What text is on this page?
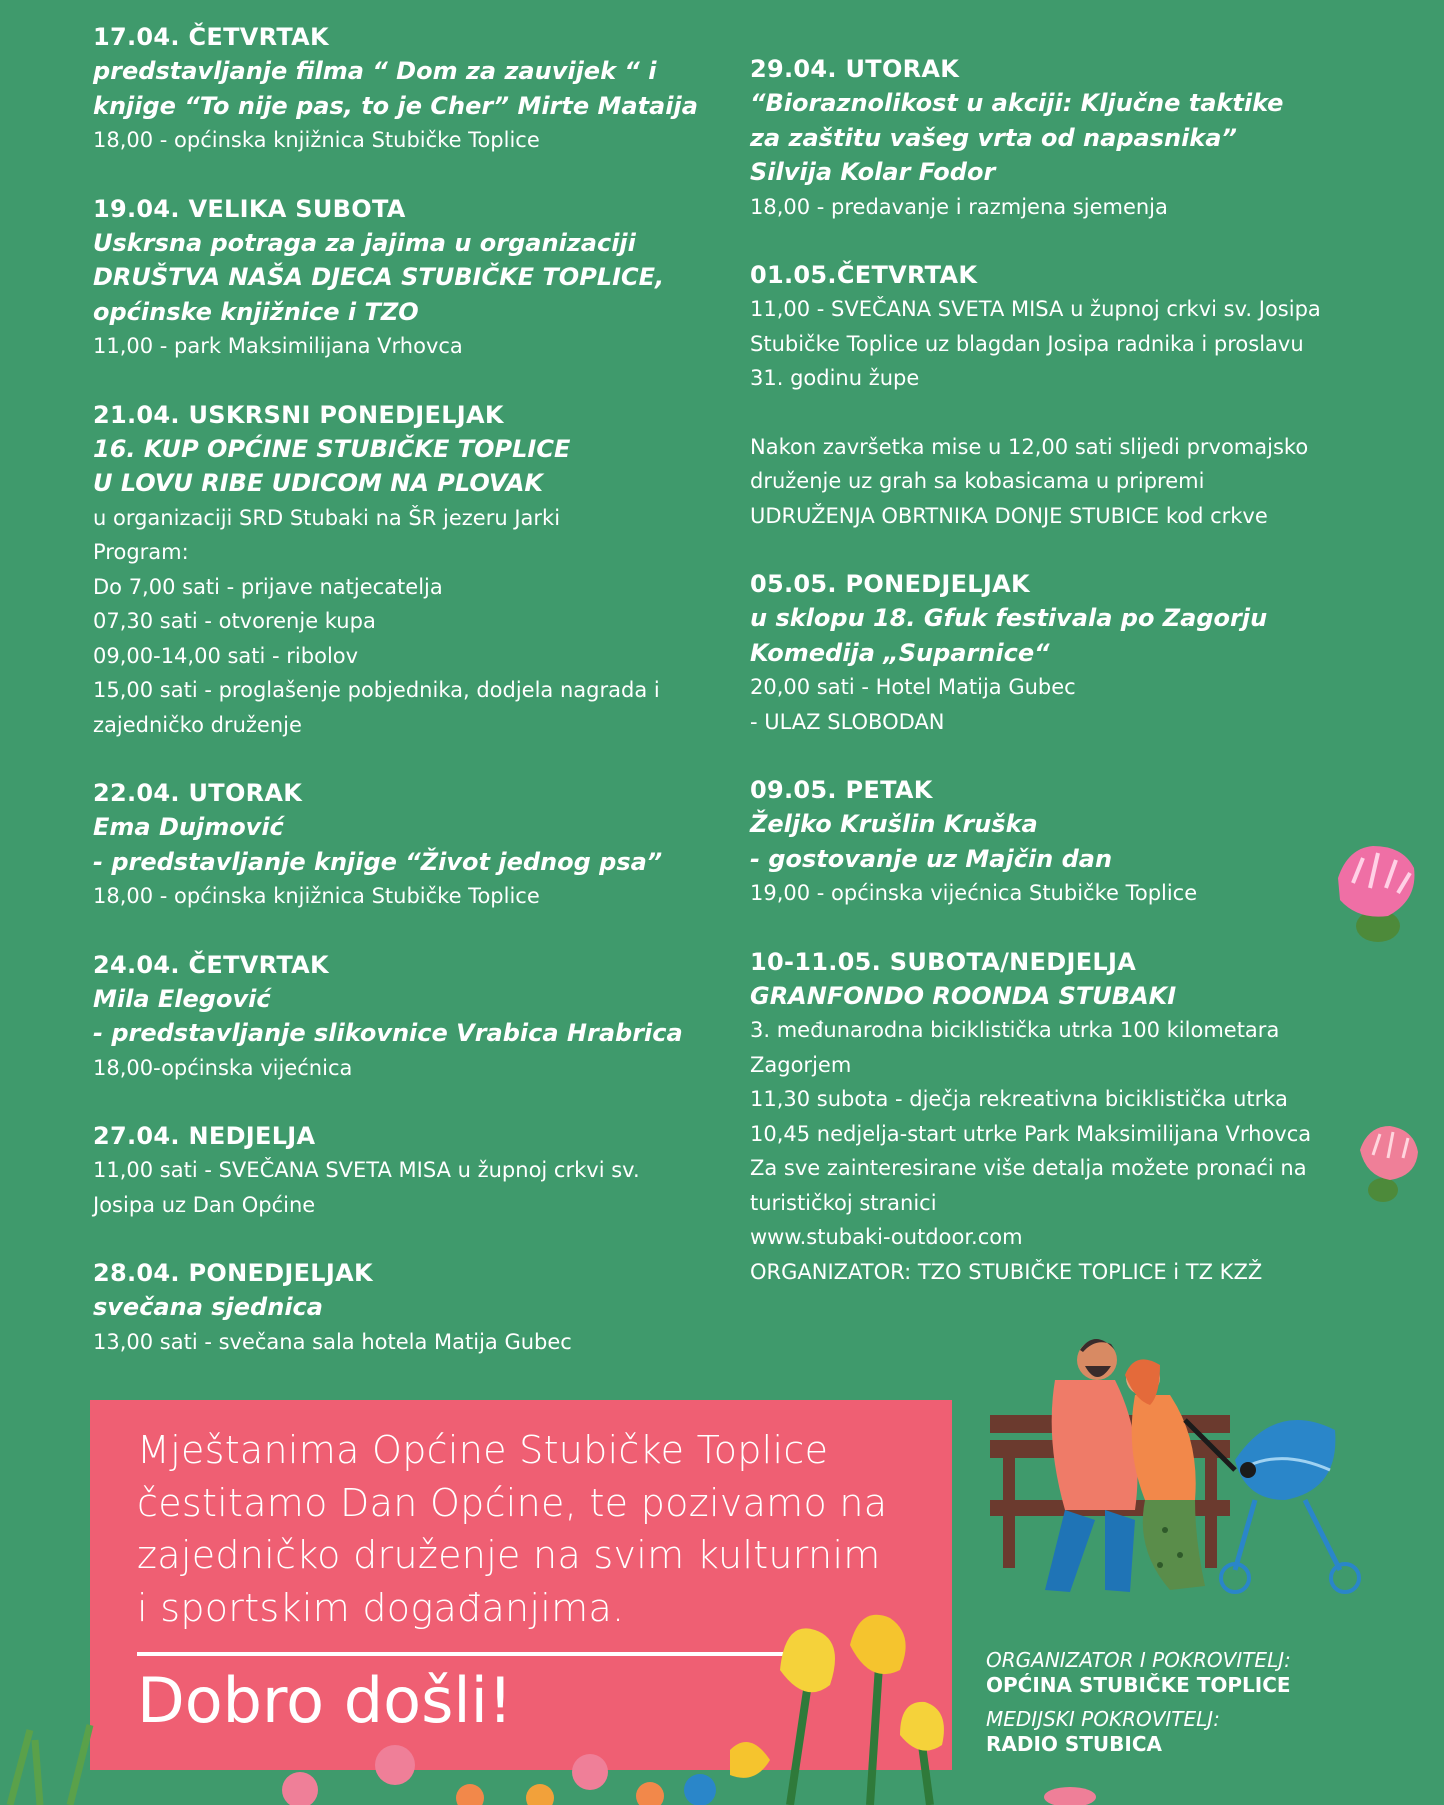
17.04. ČETVRTAK
predstavljanje filma “ Dom za zauvijek “ i
knjige “To nije pas, to je Cher” Mirte Mataija
18,00 - općinska knjižnica Stubičke Toplice
19.04. VELIKA SUBOTA
Uskrsna potraga za jajima u organizaciji
DRUŠTVA NAŠA DJECA STUBIČKE TOPLICE,
općinske knjižnice i TZO
11,00 - park Maksimilijana Vrhovca
21.04. USKRSNI PONEDJELJAK
16. KUP OPĆINE STUBIČKE TOPLICE
U LOVU RIBE UDICOM NA PLOVAK
u organizaciji SRD Stubaki na ŠR jezeru Jarki
Program:
Do 7,00 sati - prijave natjecatelja
07,30 sati - otvorenje kupa
09,00-14,00 sati - ribolov
15,00 sati - proglašenje pobjednika, dodjela nagrada i
zajedničko druženje
22.04. UTORAK
Ema Dujmović
- predstavljanje knjige “Život jednog psa”
18,00 - općinska knjižnica Stubičke Toplice
24.04. ČETVRTAK
Mila Elegović
- predstavljanje slikovnice Vrabica Hrabrica
18,00-općinska vijećnica
27.04. NEDJELJA
11,00 sati - SVEČANA SVETA MISA u župnoj crkvi sv.
Josipa uz Dan Općine
28.04. PONEDJELJAK
svečana sjednica
13,00 sati - svečana sala hotela Matija Gubec
29.04. UTORAK
“Bioraznolikost u akciji: Ključne taktike
za zaštitu vašeg vrta od napasnika”
Silvija Kolar Fodor
18,00 - predavanje i razmjena sjemenja
01.05.ČETVRTAK
11,00 - SVEČANA SVETA MISA u župnoj crkvi sv. Josipa
Stubičke Toplice uz blagdan Josipa radnika i proslavu
31. godinu župe
Nakon završetka mise u 12,00 sati slijedi prvomajsko
druženje uz grah sa kobasicama u pripremi
UDRUŽENJA OBRTNIKA DONJE STUBICE kod crkve
05.05. PONEDJELJAK
u sklopu 18. Gfuk festivala po Zagorju
Komedija „Suparnice“
20,00 sati - Hotel Matija Gubec
- ULAZ SLOBODAN
09.05. PETAK
Željko Krušlin Kruška
- gostovanje uz Majčin dan
19,00 - općinska vijećnica Stubičke Toplice
10-11.05. SUBOTA/NEDJELJA
GRANFONDO ROONDA STUBAKI
3. međunarodna biciklistička utrka 100 kilometara
Zagorjem
11,30 subota - dječja rekreativna biciklistička utrka
10,45 nedjelja-start utrke Park Maksimilijana Vrhovca
Za sve zainteresirane više detalja možete pronaći na
turističkoj stranici
www.stubaki-outdoor.com
ORGANIZATOR: TZO STUBIČKE TOPLICE i TZ KZŽ
Mještanima Općine Stubičke Toplice
čestitamo Dan Općine, te pozivamo na
zajedničko druženje na svim kulturnim
i sportskim događanjima.
Dobro došli!
ORGANIZATOR I POKROVITELJ:
OPĆINA STUBIČKE TOPLICE
MEDIJSKI POKROVITELJ:
RADIO STUBICA
